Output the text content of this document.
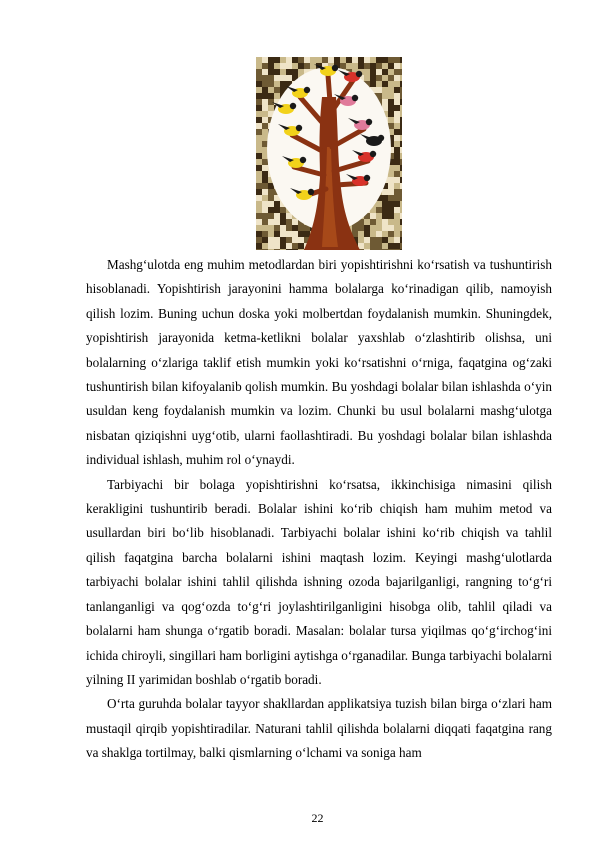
Mashg‘ulotda eng muhim metodlardan biri yopishtirishni ko‘rsatish va tushuntirish hisoblanadi. Yopishtirish jarayonini hamma bolalarga ko‘rinadigan qilib, namoyish qilish lozim. Buning uchun doska yoki molbertdan foydalanish mumkin. Shuningdek, yopishtirish jarayonida ketma-ketlikni bolalar yaxshlab o‘zlashtirib olishsa, uni bolalarning o‘zlariga taklif etish mumkin yoki ko‘rsatishni o‘rniga, faqatgina og‘zaki tushuntirish bilan kifoyalanib qolish mumkin. Bu yoshdagi bolalar bilan ishlashda o‘yin usuldan keng foydalanish mumkin va lozim. Chunki bu usul bolalarni mashg‘ulotga nisbatan qiziqishni uyg‘otib, ularni faollashtiradi. Bu yoshdagi bolalar bilan ishlashda individual ishlash, muhim rol o‘ynaydi.

Tarbiyachi bir bolaga yopishtirishni ko‘rsatsa, ikkinchisiga nimasini qilish kerakligini tushuntirib beradi. Bolalar ishini ko‘rib chiqish ham muhim metod va usullardan biri bo‘lib hisoblanadi. Tarbiyachi bolalar ishini ko‘rib chiqish va tahlil qilish faqatgina barcha bolalarni ishini maqtash lozim. Keyingi mashg‘ulotlarda tarbiyachi bolalar ishini tahlil qilishda ishning ozoda bajarilganligi, rangning to‘g‘ri tanlanganligi va qog‘ozda to‘g‘ri joylashtirilganligini hisobga olib, tahlil qiladi va bolalarni ham shunga o‘rgatib boradi. Masalan: bolalar tursa yiqilmas qo‘g‘irchog‘ini ichida chiroyli, singillari ham borligini aytishga o‘rganadilar. Bunga tarbiyachi bolalarni yilning II yarimidan boshlab o‘rgatib boradi.

O‘rta guruhda bolalar tayyor shakllardan applikatsiya tuzish bilan birga o‘zlari ham mustaqil qirqib yopishtiradilar. Naturani tahlil qilishda bolalarni diqqati faqatgina rang va shaklga tortilmay, balki qismlarning o‘lchami va soniga ham

22
